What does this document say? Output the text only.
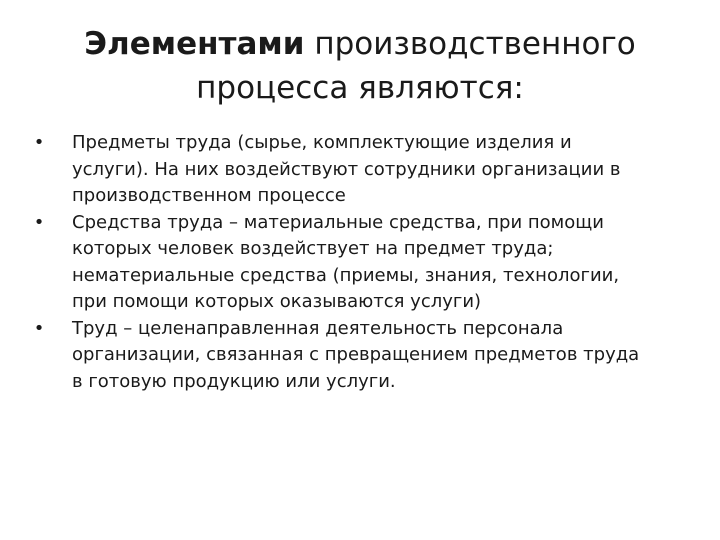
Элементами производственного
процесса являются:
• Предметы труда (сырье, комплектующие изделия и
услуги). На них воздействуют сотрудники организации в
производственном процессе
• Средства труда – материальные средства, при помощи
которых человек воздействует на предмет труда;
нематериальные средства (приемы, знания, технологии,
при помощи которых оказываются услуги)
• Труд – целенаправленная деятельность персонала
организации, связанная с превращением предметов труда
в готовую продукцию или услуги.
